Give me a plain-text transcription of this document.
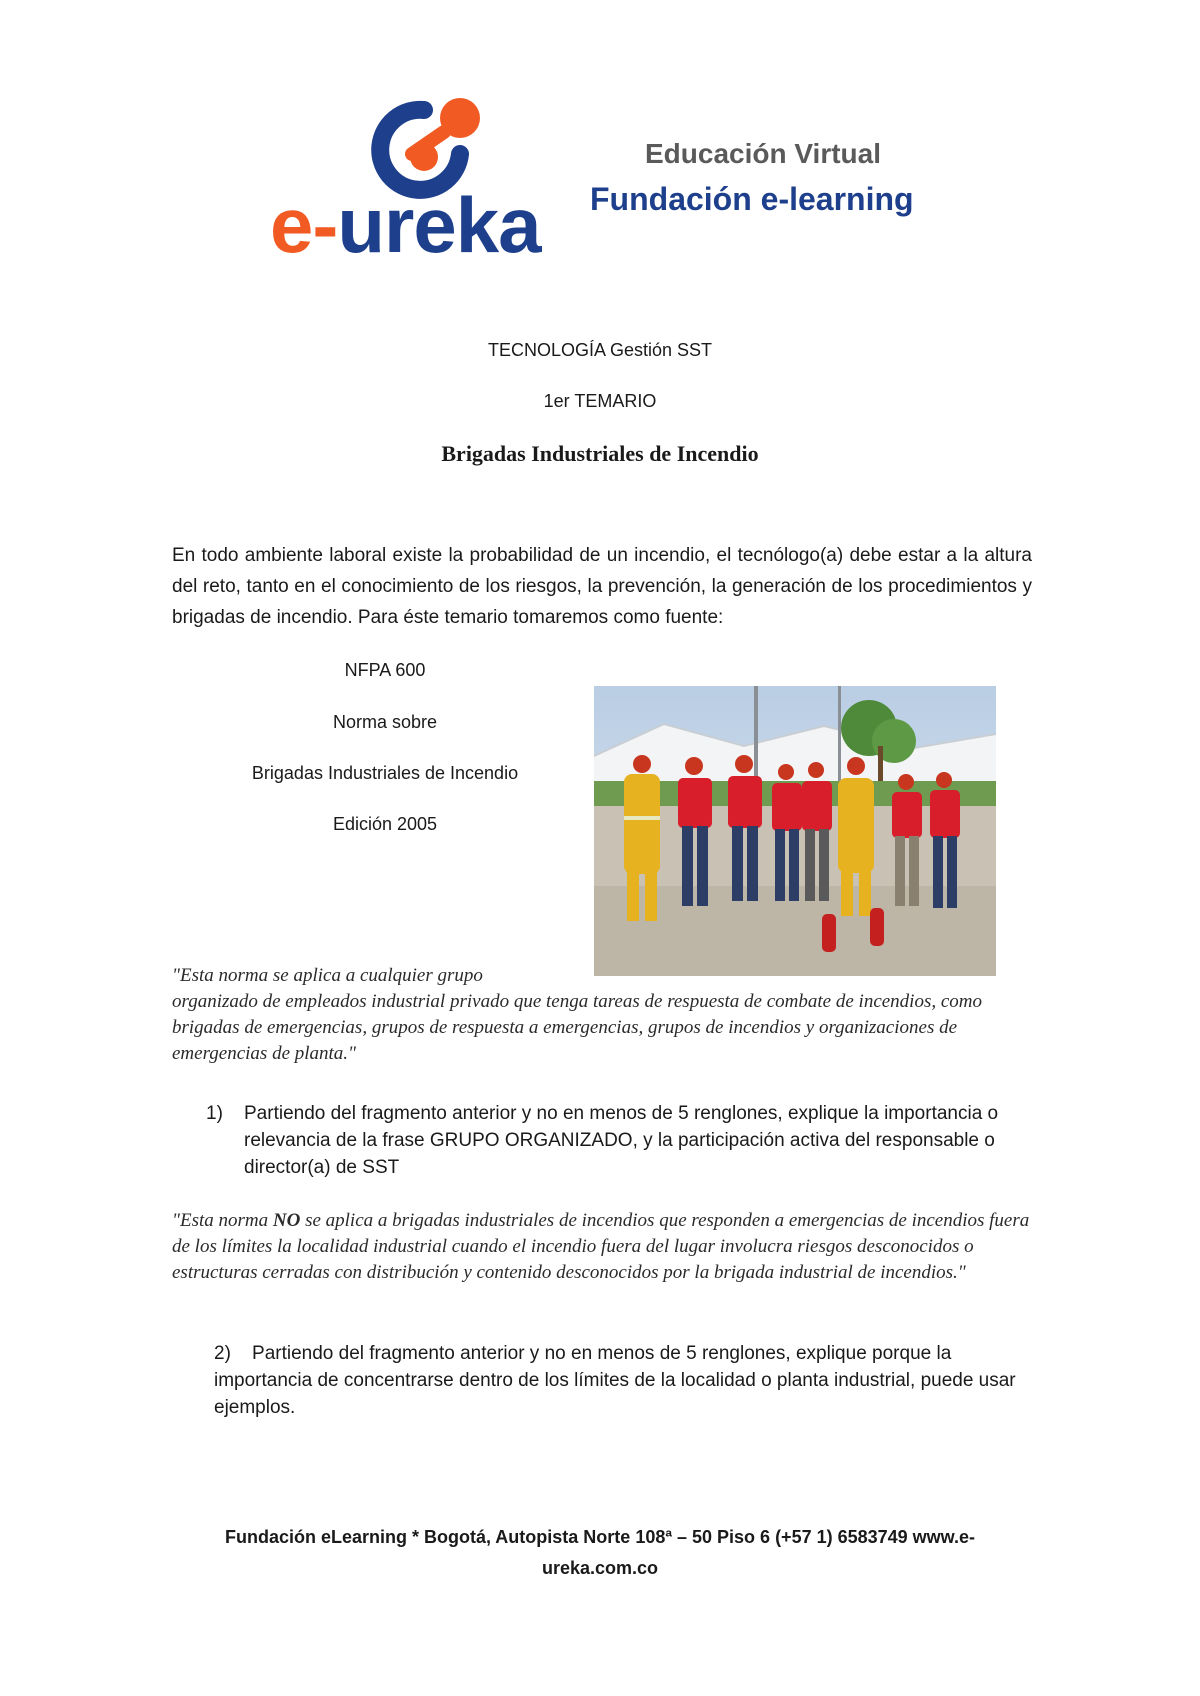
e-ureka
Educación Virtual
Fundación e-learning
TECNOLOGÍA Gestión SST
1er TEMARIO
Brigadas Industriales de Incendio
En todo ambiente laboral existe la probabilidad de un incendio, el tecnólogo(a) debe estar a la altura del reto, tanto en el conocimiento de los riesgos, la prevención, la generación de los procedimientos y brigadas de incendio. Para éste temario tomaremos como fuente:
NFPA 600
Norma sobre
Brigadas Industriales de Incendio
Edición 2005
"Esta norma se aplica a cualquier grupo
organizado de empleados industrial privado que tenga tareas de respuesta de combate de incendios, como brigadas de emergencias, grupos de respuesta a emergencias, grupos de incendios y organizaciones de emergencias de planta."
1) Partiendo del fragmento anterior y no en menos de 5 renglones, explique la importancia o relevancia de la frase GRUPO ORGANIZADO, y la participación activa del responsable o director(a) de SST
"Esta norma NO se aplica a brigadas industriales de incendios que responden a emergencias de incendios fuera de los límites la localidad industrial cuando el incendio fuera del lugar involucra riesgos desconocidos o estructuras cerradas con distribución y contenido desconocidos por la brigada industrial de incendios."
2) Partiendo del fragmento anterior y no en menos de 5 renglones, explique porque la importancia de concentrarse dentro de los límites de la localidad o planta industrial, puede usar ejemplos.
Fundación eLearning * Bogotá, Autopista Norte 108ª – 50 Piso 6 (+57 1) 6583749 www.e-
ureka.com.co
